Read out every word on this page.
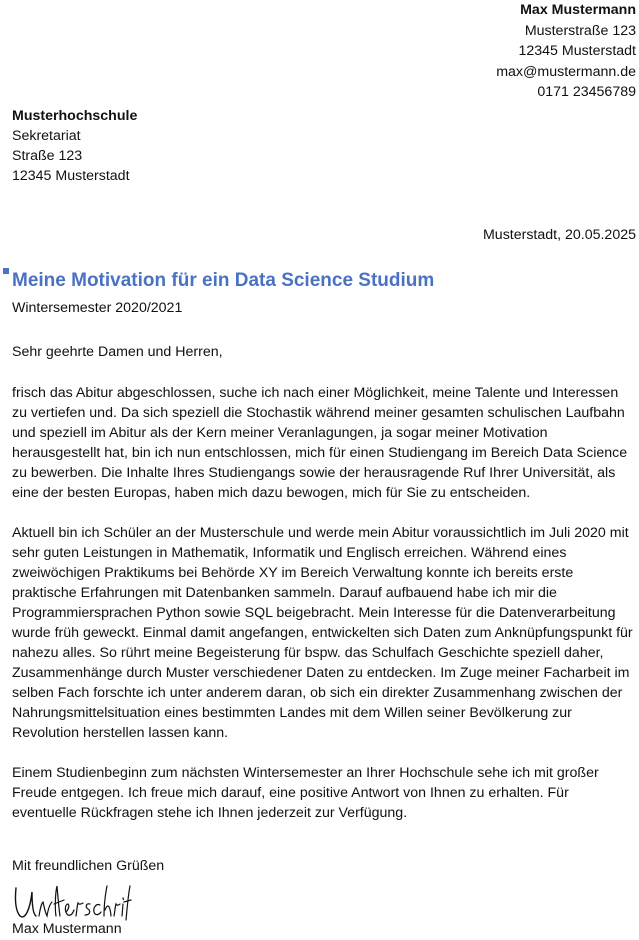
Max Mustermann
Musterstraße 123
12345 Musterstadt
max@mustermann.de
0171 23456789
Musterhochschule
Sekretariat
Straße 123
12345 Musterstadt
Musterstadt, 20.05.2025
Meine Motivation für ein Data Science Studium
Wintersemester 2020/2021
Sehr geehrte Damen und Herren,

frisch das Abitur abgeschlossen, suche ich nach einer Möglichkeit, meine Talente und Interessen zu vertiefen und. Da sich speziell die Stochastik während meiner gesamten schulischen Laufbahn und speziell im Abitur als der Kern meiner Veranlagungen, ja sogar meiner Motivation herausgestellt hat, bin ich nun entschlossen, mich für einen Studiengang im Bereich Data Science zu bewerben. Die Inhalte Ihres Studiengangs sowie der herausragende Ruf Ihrer Universität, als eine der besten Europas, haben mich dazu bewogen, mich für Sie zu entscheiden.

Aktuell bin ich Schüler an der Musterschule und werde mein Abitur voraussichtlich im Juli 2020 mit sehr guten Leistungen in Mathematik, Informatik und Englisch erreichen. Während eines zweiwöchigen Praktikums bei Behörde XY im Bereich Verwaltung konnte ich bereits erste praktische Erfahrungen mit Datenbanken sammeln. Darauf aufbauend habe ich mir die Programmiersprachen Python sowie SQL beigebracht. Mein Interesse für die Datenverarbeitung wurde früh geweckt. Einmal damit angefangen, entwickelten sich Daten zum Anknüpfungspunkt für nahezu alles. So rührt meine Begeisterung für bspw. das Schulfach Geschichte speziell daher, Zusammenhänge durch Muster verschiedener Daten zu entdecken. Im Zuge meiner Facharbeit im selben Fach forschte ich unter anderem daran, ob sich ein direkter Zusammenhang zwischen der Nahrungsmittelsituation eines bestimmten Landes mit dem Willen seiner Bevölkerung zur Revolution herstellen lassen kann.

Einem Studienbeginn zum nächsten Wintersemester an Ihrer Hochschule sehe ich mit großer Freude entgegen. Ich freue mich darauf, eine positive Antwort von Ihnen zu erhalten. Für eventuelle Rückfragen stehe ich Ihnen jederzeit zur Verfügung.

Mit freundlichen Grüßen
Max Mustermann
